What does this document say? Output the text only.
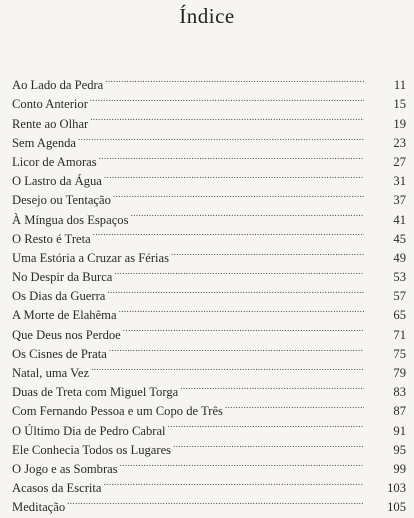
Índice
Ao Lado da Pedra .....	11
Conto Anterior .....	15
Rente ao Olhar .....	19
Sem Agenda .....	23
Licor de Amoras .....	27
O Lastro da Água .....	31
Desejo ou Tentação .....	37
À Míngua dos Espaços .....	41
O Resto é Treta .....	45
Uma Estória a Cruzar as Férias .....	49
No Despir da Burca .....	53
Os Dias da Guerra .....	57
A Morte de Elahêma .....	65
Que Deus nos Perdoe .....	71
Os Cisnes de Prata .....	75
Natal, uma Vez .....	79
Duas de Treta com Miguel Torga .....	83
Com Fernando Pessoa e um Copo de Três .....	87
O Último Dia de Pedro Cabral .....	91
Ele Conhecia Todos os Lugares .....	95
O Jogo e as Sombras .....	99
Acasos da Escrita .....	103
Meditação .....	105
